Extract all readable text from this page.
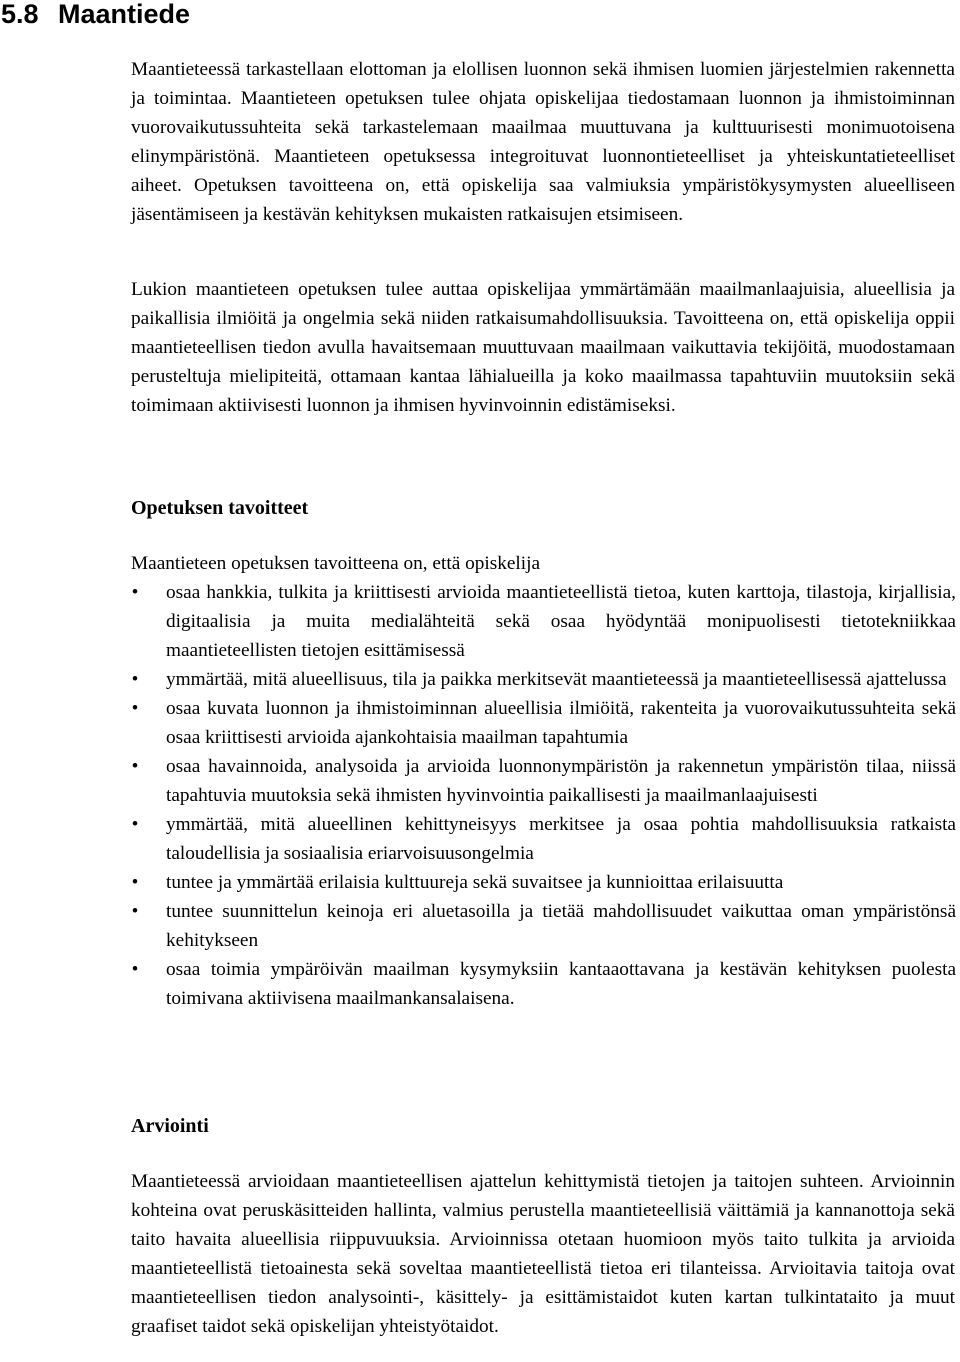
5.8 Maantiede

Maantieteessä tarkastellaan elottoman ja elollisen luonnon sekä ihmisen luomien järjestelmien rakennetta ja toimintaa. Maantieteen opetuksen tulee ohjata opiskelijaa tiedostamaan luonnon ja ihmistoiminnan vuorovaikutussuhteita sekä tarkastelemaan maailmaa muuttuvana ja kulttuurisesti monimuotoisena elinympäristönä. Maantieteen opetuksessa integroituvat luonnontieteelliset ja yhteiskuntatieteelliset aiheet. Opetuksen tavoitteena on, että opiskelija saa valmiuksia ympäristökysymysten alueelliseen jäsentämiseen ja kestävän kehityksen mukaisten ratkaisujen etsimiseen.

Lukion maantieteen opetuksen tulee auttaa opiskelijaa ymmärtämään maailmanlaajuisia, alueellisia ja paikallisia ilmiöitä ja ongelmia sekä niiden ratkaisumahdollisuuksia. Tavoitteena on, että opiskelija oppii maantieteellisen tiedon avulla havaitsemaan muuttuvaan maailmaan vaikuttavia tekijöitä, muodostamaan perusteltuja mielipiteitä, ottamaan kantaa lähialueilla ja koko maailmassa tapahtuviin muutoksiin sekä toimimaan aktiivisesti luonnon ja ihmisen hyvinvoinnin edistämiseksi.

Opetuksen tavoitteet

Maantieteen opetuksen tavoitteena on, että opiskelija

• osaa hankkia, tulkita ja kriittisesti arvioida maantieteellistä tietoa, kuten karttoja, tilastoja, kirjallisia, digitaalisia ja muita medialähteitä sekä osaa hyödyntää monipuolisesti tietotekniikkaa maantieteellisten tietojen esittämisessä
• ymmärtää, mitä alueellisuus, tila ja paikka merkitsevät maantieteessä ja maantieteellisessä ajattelussa
• osaa kuvata luonnon ja ihmistoiminnan alueellisia ilmiöitä, rakenteita ja vuorovaikutussuhteita sekä osaa kriittisesti arvioida ajankohtaisia maailman tapahtumia
• osaa havainnoida, analysoida ja arvioida luonnonympäristön ja rakennetun ympäristön tilaa, niissä tapahtuvia muutoksia sekä ihmisten hyvinvointia paikallisesti ja maailmanlaajuisesti
• ymmärtää, mitä alueellinen kehittyneisyys merkitsee ja osaa pohtia mahdollisuuksia ratkaista taloudellisia ja sosiaalisia eriarvoisuusongelmia
• tuntee ja ymmärtää erilaisia kulttuureja sekä suvaitsee ja kunnioittaa erilaisuutta
• tuntee suunnittelun keinoja eri aluetasoilla ja tietää mahdollisuudet vaikuttaa oman ympäristönsä kehitykseen
• osaa toimia ympäröivän maailman kysymyksiin kantaaottavana ja kestävän kehityksen puolesta toimivana aktiivisena maailmankansalaisena.
Arviointi

Maantieteessä arvioidaan maantieteellisen ajattelun kehittymistä tietojen ja taitojen suhteen. Arvioinnin kohteina ovat peruskäsitteiden hallinta, valmius perustella maantieteellisiä väittämiä ja kannanottoja sekä taito havaita alueellisia riippuvuuksia. Arvioinnissa otetaan huomioon myös taito tulkita ja arvioida maantieteellistä tietoainesta sekä soveltaa maantieteellistä tietoa eri tilanteissa. Arvioitavia taitoja ovat maantieteellisen tiedon analysointi-, käsittely- ja esittämistaidot kuten kartan tulkintataito ja muut graafiset taidot sekä opiskelijan yhteistyötaidot.
